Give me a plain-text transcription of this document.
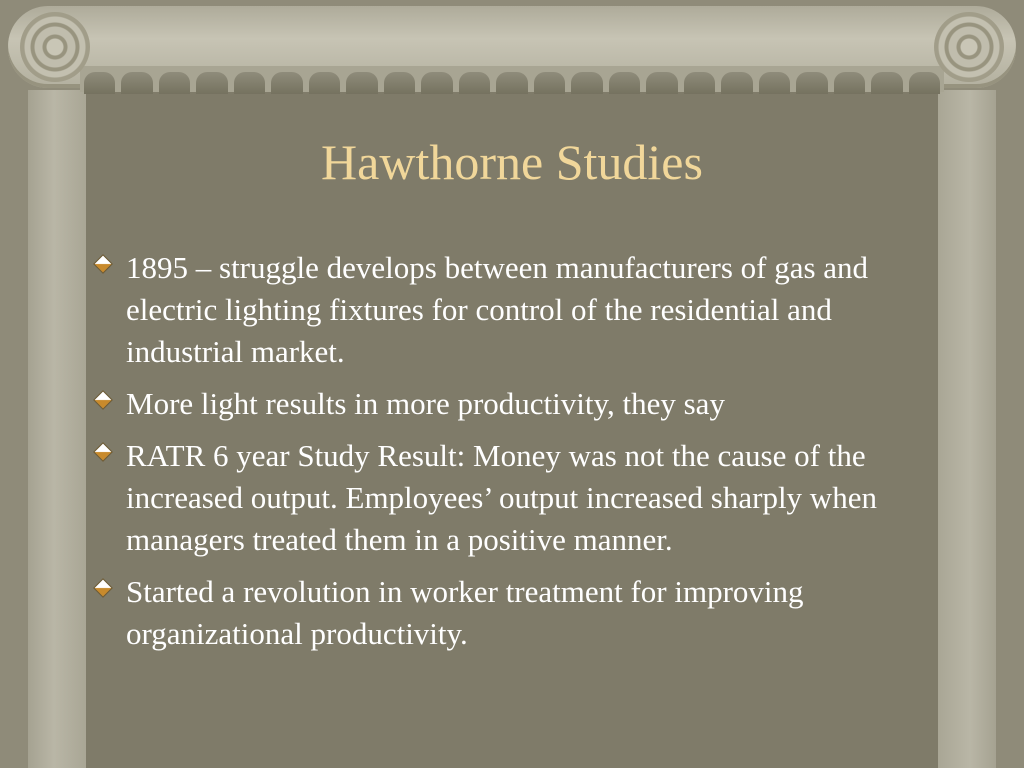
Hawthorne Studies
1895 – struggle develops between manufacturers of gas and electric lighting fixtures for control of the residential and industrial market.
More light results in more productivity, they say
RATR 6 year Study Result: Money was not the cause of the increased output. Employees’ output increased sharply when managers treated them in a positive manner.
Started a revolution in worker treatment for improving organizational productivity.
